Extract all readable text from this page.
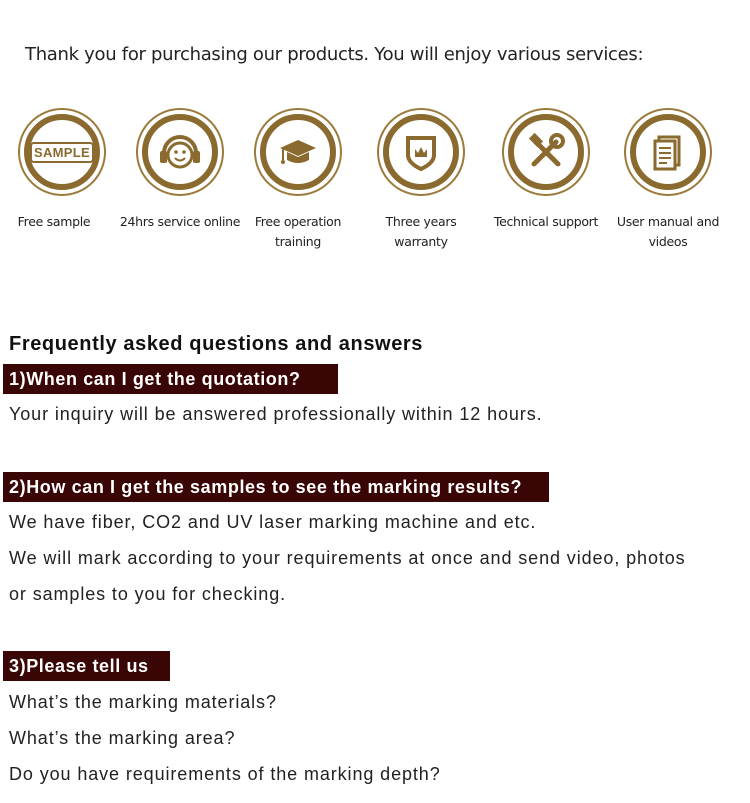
Thank you for purchasing our products. You will enjoy various services:
SAMPLE
Free sample	24hrs service online Free operation training
Three years warranty
Technical support	User manual and videos
Frequently asked questions and answers
1)When can I get the quotation?
Your inquiry will be answered professionally within 12 hours.
2)How can I get the samples to see the marking results?
We have fiber, CO2 and UV laser marking machine and etc.
We will mark according to your requirements at once and send video, photos
or samples to you for checking.
3)Please tell us
What’s the marking materials?
What’s the marking area?
Do you have requirements of the marking depth?
